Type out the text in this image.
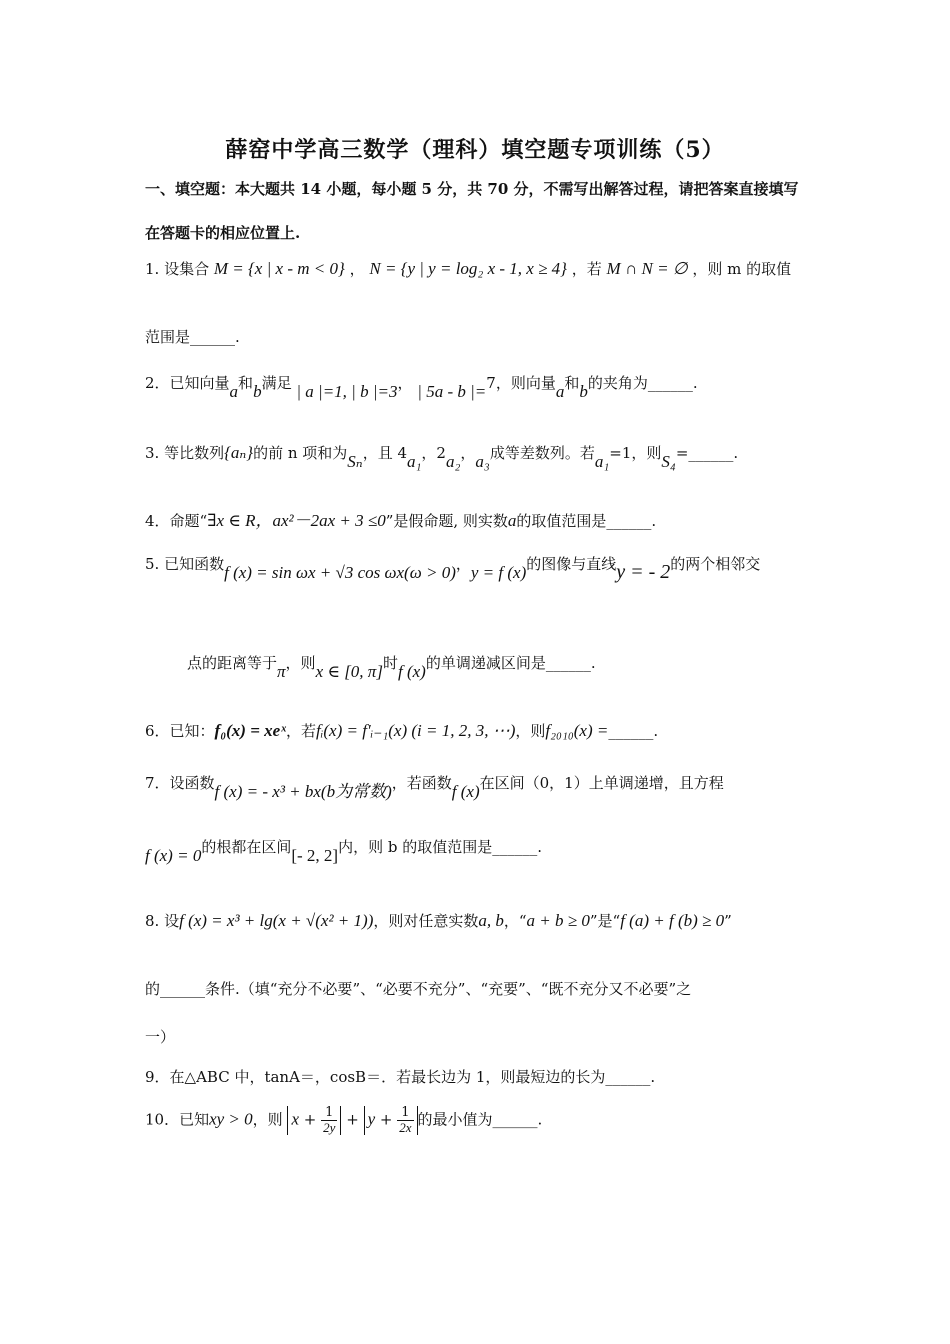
薛窑中学高三数学（理科）填空题专项训练（5）
一、填空题：本大题共 14 小题，每小题 5 分，共 70 分，不需写出解答过程，请把答案直接填写
在答题卡的相应位置上.
1. 设集合 M = {x | x - m < 0} ， N = {y | y = log₂ x - 1, x ≥ 4} ，若 M ∩ N = ∅ ，则 m 的取值
范围是______.
2．已知向量a和b满足 | a |=1, | b |=3， | 5a - b |=7，则向量a和b的夹角为______.
3. 等比数列{aₙ}的前 n 项和为Sₙ，且 4a₁，2a₂，a₃成等差数列。若a₁=1，则S₄=______.
4．命题“∃x ∈ R，ax²－2ax + 3 ≤0”是假命题, 则实数a的取值范围是______.
5. 已知函数f (x) = sin ωx + √3 cos ωx(ω > 0)，y = f (x)的图像与直线y = - 2的两个相邻交
点的距离等于π，则x ∈ [0, π]时f (x)的单调递减区间是______.
6．已知：f₀(x) = xeˣ，若fᵢ(x) = f′ᵢ₋₁(x) (i = 1, 2, 3, ⋯)，则f₂₀₁₀(x) =______.
7．设函数f (x) = - x³ + bx(b为常数)，若函数f (x)在区间（0，1）上单调递增，且方程
f (x) = 0的根都在区间[- 2, 2]内，则 b 的取值范围是______.
8. 设f (x) = x³ + lg(x + √(x² + 1))，则对任意实数a, b，“a + b ≥ 0”是“f (a) + f (b) ≥ 0”
的______条件.（填“充分不必要”、“必要不充分”、“充要”、“既不充分又不必要”之
一）
9．在△ABC 中，tanA＝，cosB＝．若最长边为 1，则最短边的长为______.
10．已知xy > 0，则 $x + \frac{1}{2y} + y + \frac{1}{2x}$ 的最小值为______.
